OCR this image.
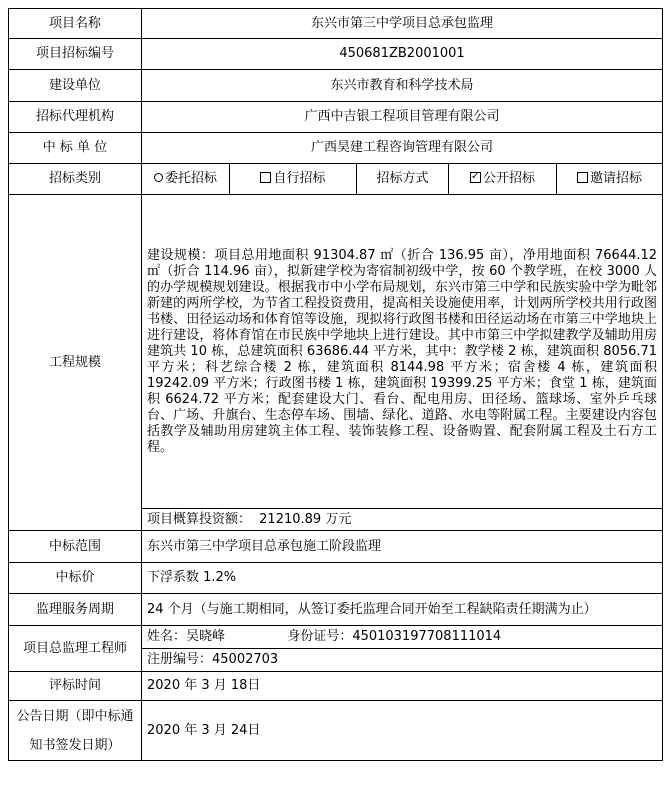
项目名称	东兴市第三中学项目总承包监理				
项目招标编号	450681ZB2001001				
建设单位	东兴市教育和科学技术局				
招标代理机构	广西中吉银工程项目管理有限公司				
中 标 单 位	广西昊建工程咨询管理有限公司				
招标类别	委托招标	自行招标	招标方式	✓公开招标	邀请招标
工程规模	建设规模：项目总用地面积 91304.87 ㎡（折合 136.95 亩），净用地面积 76644.12 ㎡（折合 114.96 亩），拟新建学校为寄宿制初级中学，按 60 个教学班，在校 3000 人的办学规模规划建设。根据我市中小学布局规划，东兴市第三中学和民族实验中学为毗邻新建的两所学校，为节省工程投资费用，提高相关设施使用率，计划两所学校共用行政图书楼、田径运动场和体育馆等设施，现拟将行政图书楼和田径运动场在市第三中学地块上进行建设，将体育馆在市民族中学地块上进行建设。其中市第三中学拟建教学及辅助用房建筑共 10 栋，总建筑面积 63686.44 平方米，其中：教学楼 2 栋，建筑面积 8056.71 平方米；科艺综合楼 2 栋，建筑面积 8144.98 平方米；宿舍楼 4 栋，建筑面积 19242.09 平方米；行政图书楼 1 栋，建筑面积 19399.25 平方米；食堂 1 栋，建筑面积 6624.72 平方米；配套建设大门、看台、配电用房、田径场、篮球场、室外乒乓球台、广场、升旗台、生态停车场、围墙、绿化、道路、水电等附属工程。主要建设内容包括教学及辅助用房建筑主体工程、装饰装修工程、设备购置、配套附属工程及土石方工程。				
	项目概算投资额： 21210.89 万元				
中标范围	东兴市第三中学项目总承包施工阶段监理				
中标价	下浮系数 1.2%				
监理服务周期	24 个月（与施工期相同，从签订委托监理合同开始至工程缺陷责任期满为止）				
项目总监理工程师	姓名：吴晓峰 身份证号：450103197708111014				
	注册编号：45002703				
评标时间	2020 年 3 月 18日				
公告日期（即中标通知书签发日期）	2020 年 3 月 24日				
